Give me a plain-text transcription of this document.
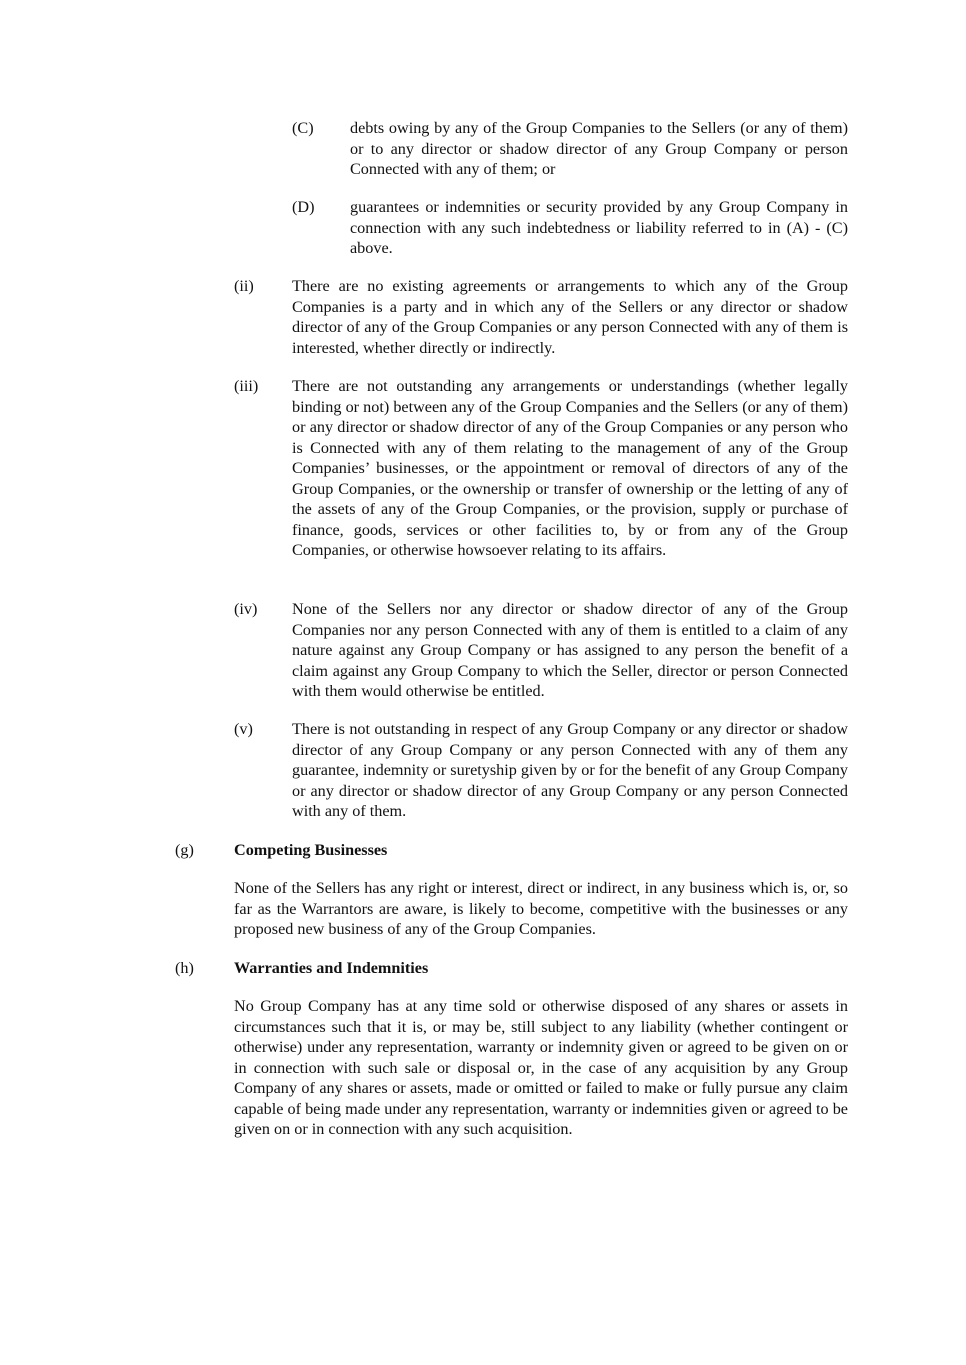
(C) debts owing by any of the Group Companies to the Sellers (or any of them) or to any director or shadow director of any Group Company or person Connected with any of them; or
(D) guarantees or indemnities or security provided by any Group Company in connection with any such indebtedness or liability referred to in (A) - (C) above.
(ii) There are no existing agreements or arrangements to which any of the Group Companies is a party and in which any of the Sellers or any director or shadow director of any of the Group Companies or any person Connected with any of them is interested, whether directly or indirectly.
(iii) There are not outstanding any arrangements or understandings (whether legally binding or not) between any of the Group Companies and the Sellers (or any of them) or any director or shadow director of any of the Group Companies or any person who is Connected with any of them relating to the management of any of the Group Companies’ businesses, or the appointment or removal of directors of any of the Group Companies, or the ownership or transfer of ownership or the letting of any of the assets of any of the Group Companies, or the provision, supply or purchase of finance, goods, services or other facilities to, by or from any of the Group Companies, or otherwise howsoever relating to its affairs.
(iv) None of the Sellers nor any director or shadow director of any of the Group Companies nor any person Connected with any of them is entitled to a claim of any nature against any Group Company or has assigned to any person the benefit of a claim against any Group Company to which the Seller, director or person Connected with them would otherwise be entitled.
(v) There is not outstanding in respect of any Group Company or any director or shadow director of any Group Company or any person Connected with any of them any guarantee, indemnity or suretyship given by or for the benefit of any Group Company or any director or shadow director of any Group Company or any person Connected with any of them.
(g) Competing Businesses
None of the Sellers has any right or interest, direct or indirect, in any business which is, or, so far as the Warrantors are aware, is likely to become, competitive with the businesses or any proposed new business of any of the Group Companies.
(h) Warranties and Indemnities
No Group Company has at any time sold or otherwise disposed of any shares or assets in circumstances such that it is, or may be, still subject to any liability (whether contingent or otherwise) under any representation, warranty or indemnity given or agreed to be given on or in connection with such sale or disposal or, in the case of any acquisition by any Group Company of any shares or assets, made or omitted or failed to make or fully pursue any claim capable of being made under any representation, warranty or indemnities given or agreed to be given on or in connection with any such acquisition.
